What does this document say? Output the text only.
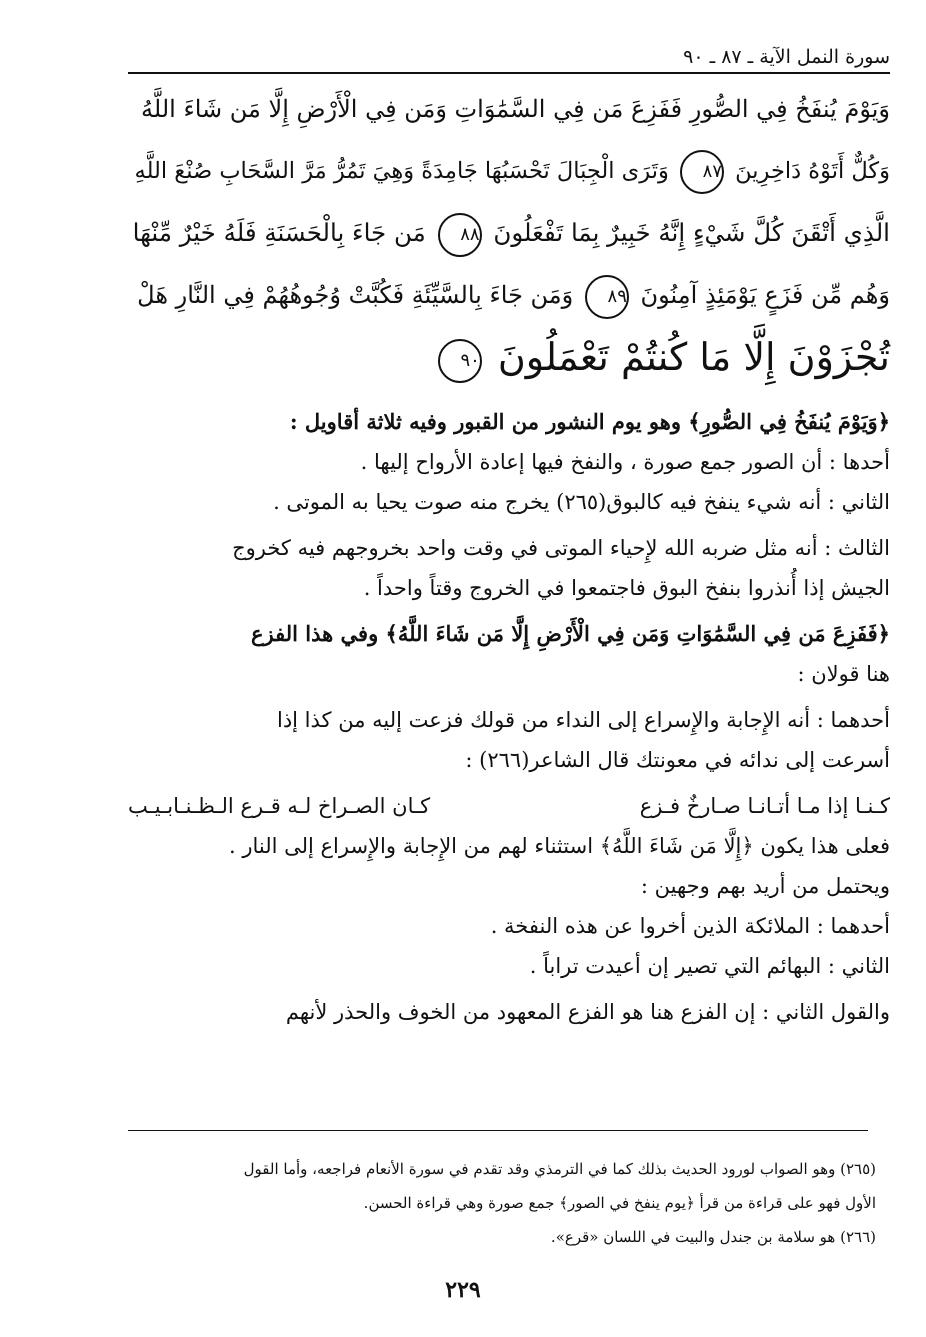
سورة النمل الآية ـ ٨٧ ـ ٩٠
وَيَوْمَ يُنفَخُ فِي الصُّورِ فَفَزِعَ مَن فِي السَّمَٰوَاتِ وَمَن فِي الْأَرْضِ إِلَّا مَن شَاءَ اللَّهُ
وَكُلٌّ أَتَوْهُ دَاخِرِينَ ٨٧ وَتَرَى الْجِبَالَ تَحْسَبُهَا جَامِدَةً وَهِيَ تَمُرُّ مَرَّ السَّحَابِ صُنْعَ اللَّهِ
الَّذِي أَتْقَنَ كُلَّ شَيْءٍ إِنَّهُ خَبِيرٌ بِمَا تَفْعَلُونَ ٨٨ مَن جَاءَ بِالْحَسَنَةِ فَلَهُ خَيْرٌ مِّنْهَا
وَهُم مِّن فَزَعٍ يَوْمَئِذٍ آمِنُونَ ٨٩ وَمَن جَاءَ بِالسَّيِّئَةِ فَكُبَّتْ وُجُوهُهُمْ فِي النَّارِ هَلْ
تُجْزَوْنَ إِلَّا مَا كُنتُمْ تَعْمَلُونَ ٩٠
﴿وَيَوْمَ يُنفَخُ فِي الصُّورِ﴾ وهو يوم النشور من القبور وفيه ثلاثة أقاويل :
أحدها : أن الصور جمع صورة ، والنفخ فيها إعادة الأرواح إليها .
الثاني : أنه شيء ينفخ فيه كالبوق(٢٦٥) يخرج منه صوت يحيا به الموتى .
الثالث : أنه مثل ضربه الله لإِحياء الموتى في وقت واحد بخروجهم فيه كخروج
الجيش إذا أُنذروا بنفخ البوق فاجتمعوا في الخروج وقتاً واحداً .
﴿فَفَزِعَ مَن فِي السَّمَٰوَاتِ وَمَن فِي الْأَرْضِ إِلَّا مَن شَاءَ اللَّهُ﴾ وفي هذا الفزع
هنا قولان :
أحدهما : أنه الإِجابة والإِسراع إلى النداء من قولك فزعت إليه من كذا إذا
أسرعت إلى ندائه في معونتك قال الشاعر(٢٦٦) :
كـنـا إذا مـا أتـانـا صـارخٌ فـزع
كـان الصـراخ لـه قـرع الـظـنـابـيـب
فعلى هذا يكون ﴿إِلَّا مَن شَاءَ اللَّهُ﴾ استثناء لهم من الإِجابة والإِسراع إلى النار .
ويحتمل من أريد بهم وجهين :
أحدهما : الملائكة الذين أخروا عن هذه النفخة .
الثاني : البهائم التي تصير إن أعيدت تراباً .
والقول الثاني : إن الفزع هنا هو الفزع المعهود من الخوف والحذر لأنهم
(٢٦٥) وهو الصواب لورود الحديث بذلك كما في الترمذي وقد تقدم في سورة الأنعام فراجعه، وأما القول
الأول فهو على قراءة من قرأ ﴿يوم ينفخ في الصور﴾ جمع صورة وهي قراءة الحسن.
(٢٦٦) هو سلامة بن جندل والبيت في اللسان «قرع».
٢٢٩
